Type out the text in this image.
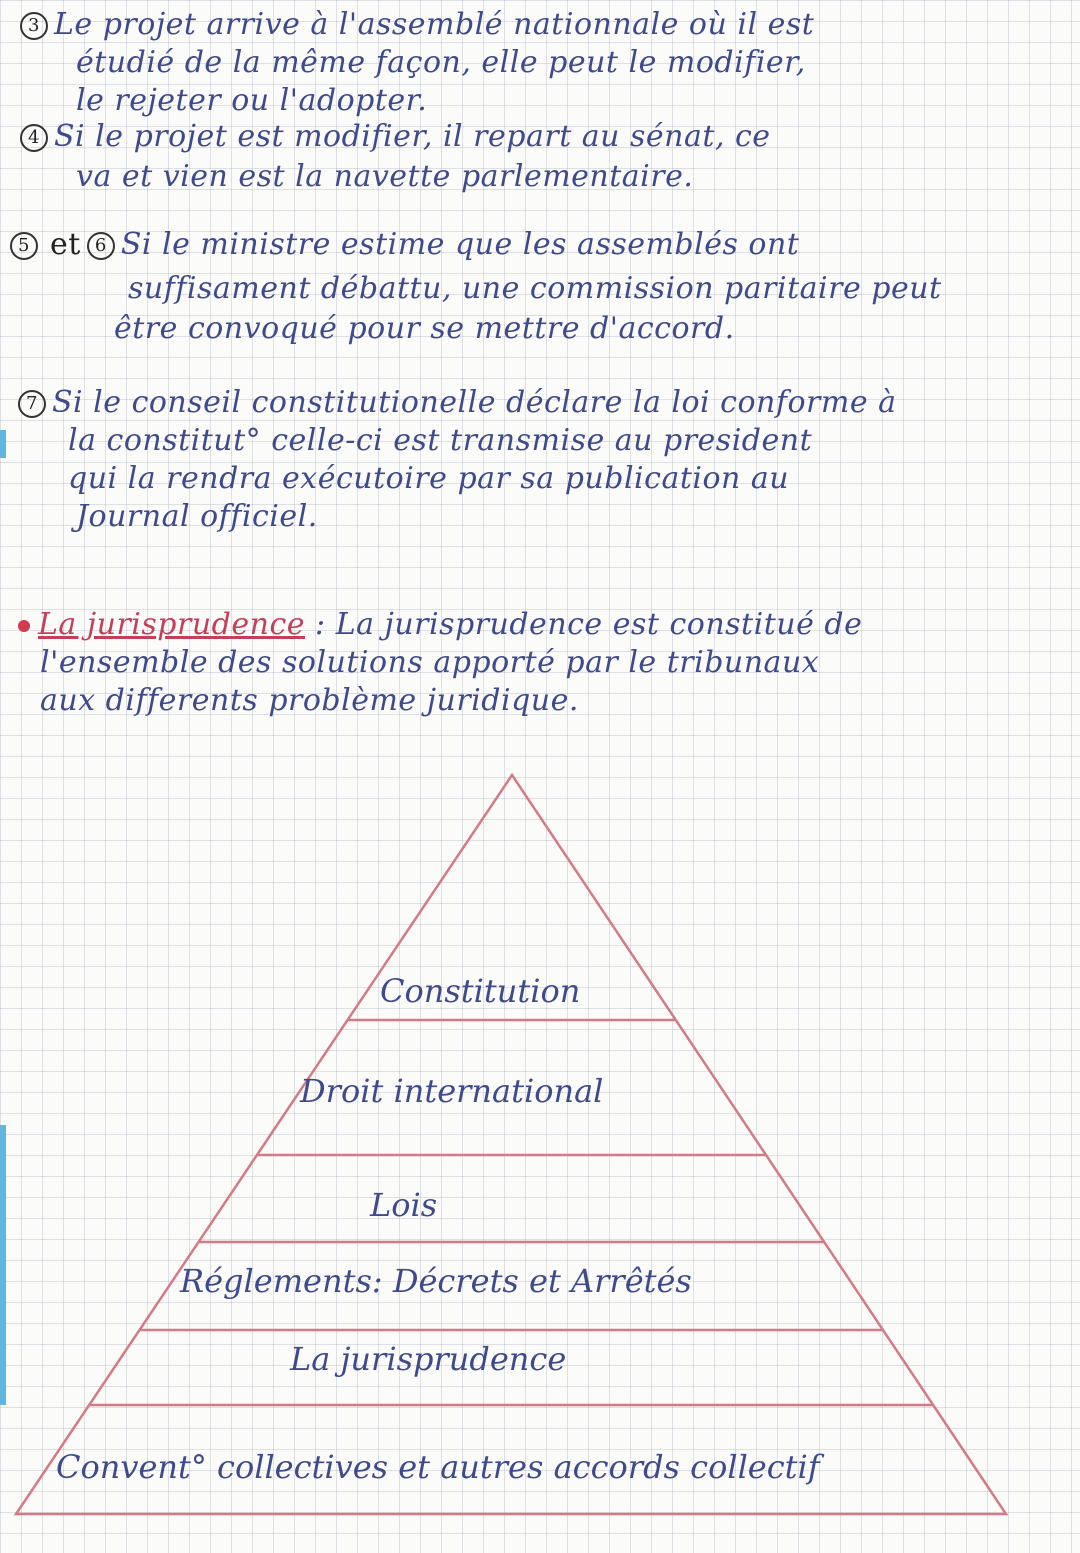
3 Le projet arrive à l'assemblé nationnale où il est
étudié de la même façon, elle peut le modifier,
le rejeter ou l'adopter.
4 Si le projet est modifier, il repart au sénat, ce
va et vien est la navette parlementaire.
5 et 6 Si le ministre estime que les assemblés ont
suffisament débattu, une commission paritaire peut
être convoqué pour se mettre d'accord.
7 Si le conseil constitutionelle déclare la loi conforme à
la constitut° celle-ci est transmise au president
qui la rendra exécutoire par sa publication au
Journal officiel.
La jurisprudence : La jurisprudence est constitué de
l'ensemble des solutions apporté par le tribunaux
aux differents problème juridique.
Constitution
Droit international
Lois
Réglements: Décrets et Arrêtés
La jurisprudence
Convent° collectives et autres accords collectif
